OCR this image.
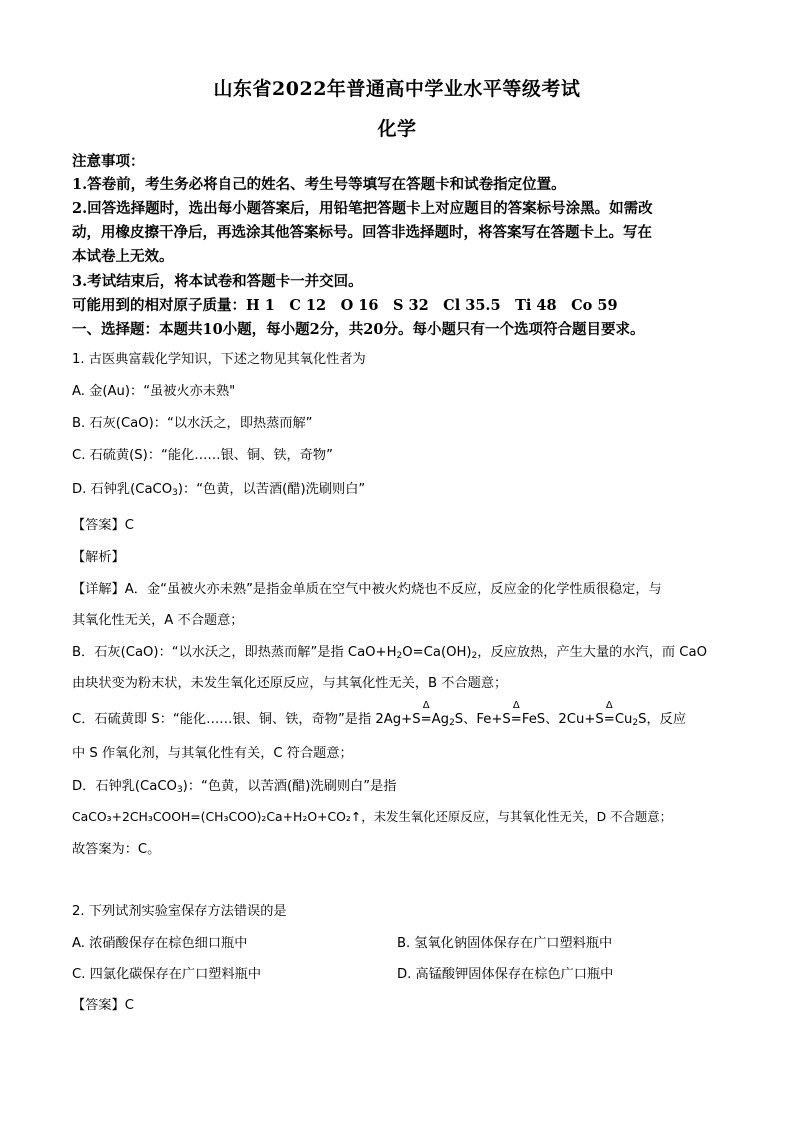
山东省2022年普通高中学业水平等级考试
化学
注意事项：
1.答卷前，考生务必将自己的姓名、考生号等填写在答题卡和试卷指定位置。
2.回答选择题时，选出每小题答案后，用铅笔把答题卡上对应题目的答案标号涂黑。如需改
动，用橡皮擦干净后，再选涂其他答案标号。回答非选择题时，将答案写在答题卡上。写在
本试卷上无效。
3.考试结束后，将本试卷和答题卡一并交回。
可能用到的相对原子质量：H 1　C 12　O 16　S 32　Cl 35.5　Ti 48　Co 59
一、选择题：本题共10小题，每小题2分，共20分。每小题只有一个选项符合题目要求。
1. 古医典富载化学知识，下述之物见其氧化性者为
A. 金(Au)：“虽被火亦未熟"
B. 石灰(CaO)：“以水沃之，即热蒸而解”
C. 石硫黄(S)：“能化……银、铜、铁，奇物”
D. 石钟乳(CaCO$_3$)：“色黄，以苦酒(醋)洗刷则白”
【答案】C
【解析】
【详解】A．金“虽被火亦未熟”是指金单质在空气中被火灼烧也不反应，反应金的化学性质很稳定，与
其氧化性无关，A 不合题意；
B．石灰(CaO)：“以水沃之，即热蒸而解”是指 $CaO+H_2O=Ca(OH)_2$，反应放热，产生大量的水汽，而 CaO
由块状变为粉末状，未发生氧化还原反应，与其氧化性无关，B 不合题意；
C．石硫黄即 S：“能化……银、铜、铁，奇物”是指 2Ag+S=
Δ
$Ag_2S$、Fe+S=
Δ
FeS、2Cu+S=
Δ
$Cu_2S$，反应
中 S 作氧化剂，与其氧化性有关，C 符合题意；
D．石钟乳(CaCO$_3$)：“色黄，以苦酒(醋)洗刷则白”是指
CaCO₃+2CH₃COOH=(CH₃COO)₂Ca+H₂O+CO₂↑，未发生氧化还原反应，与其氧化性无关，D 不合题意；
故答案为：C。
2. 下列试剂实验室保存方法错误的是
A. 浓硝酸保存在棕色细口瓶中	B. 氢氧化钠固体保存在广口塑料瓶中
C. 四氯化碳保存在广口塑料瓶中	D. 高锰酸钾固体保存在棕色广口瓶中
【答案】C
